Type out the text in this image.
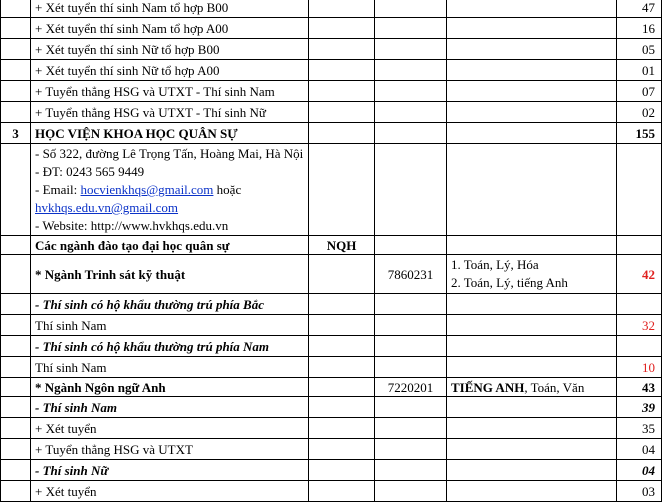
	+ Xét tuyển thí sinh Nam tổ hợp B00				47
	+ Xét tuyển thí sinh Nam tổ hợp A00				16
	+ Xét tuyển thí sinh Nữ tổ hợp B00				05
	+ Xét tuyển thí sinh Nữ tổ hợp A00				01
	+ Tuyển thẳng HSG và UTXT - Thí sinh Nam				07
	+ Tuyển thẳng HSG và UTXT - Thí sinh Nữ				02
3	HỌC VIỆN KHOA HỌC QUÂN SỰ				155

	- Số 322, đường Lê Trọng Tấn, Hoàng Mai, Hà Nội
- ĐT: 0243 565 9449
- Email: hocvienkhqs@gmail.com hoặc
hvkhqs.edu.vn@gmail.com
- Website: http://www.hvkhqs.edu.vn				

	Các ngành đào tạo đại học quân sự	NQH			
	* Ngành Trinh sát kỹ thuật		7860231	1. Toán, Lý, Hóa
2. Toán, Lý, tiếng Anh	42
	- Thí sinh có hộ khẩu thường trú phía Bắc				
	Thí sinh Nam				32
	- Thí sinh có hộ khẩu thường trú phía Nam				
	Thí sinh Nam				10
	* Ngành Ngôn ngữ Anh		7220201	TIẾNG ANH, Toán, Văn	43
	- Thí sinh Nam				39
	+ Xét tuyển				35
	+ Tuyển thẳng HSG và UTXT				04
	- Thí sinh Nữ				04
	+ Xét tuyển				03
